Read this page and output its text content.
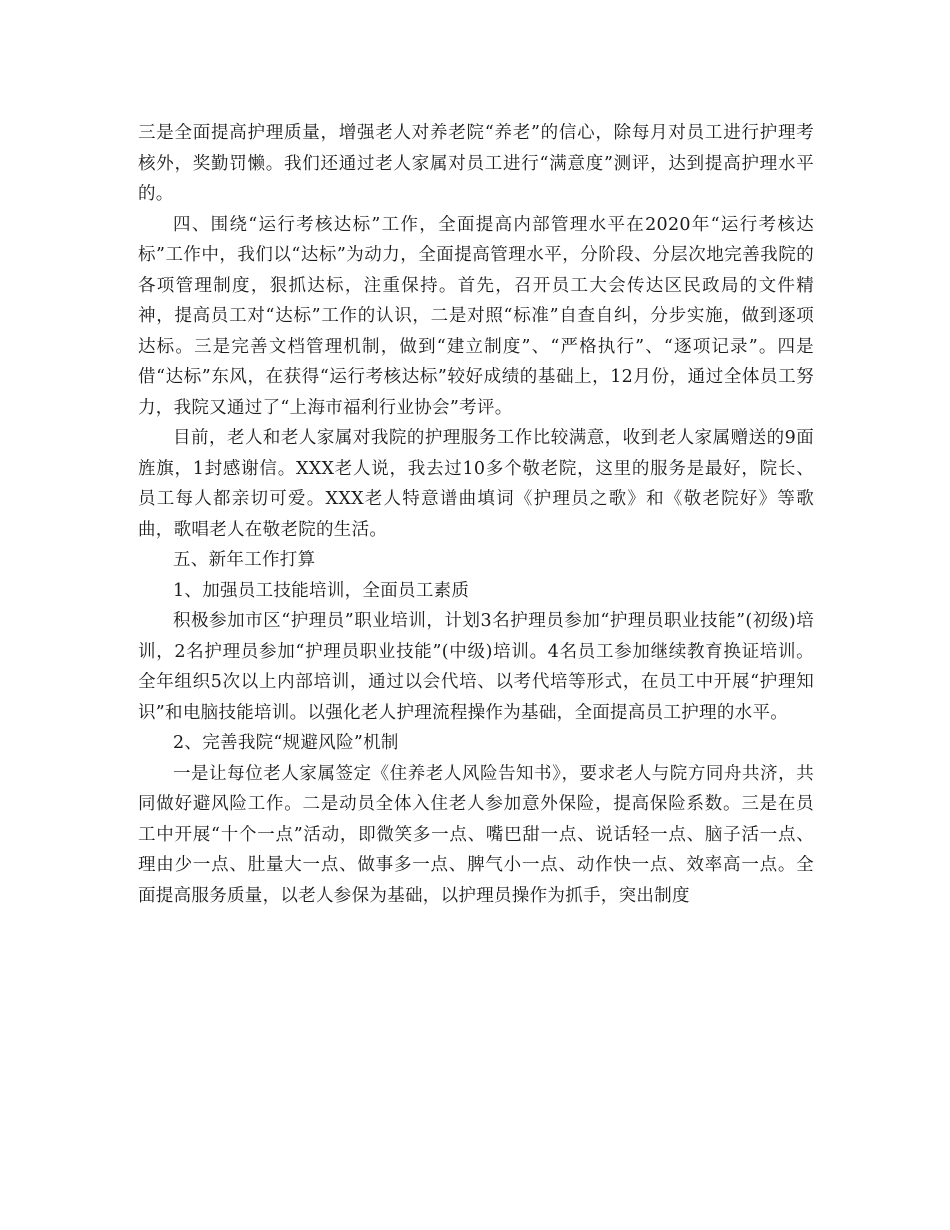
三是全面提高护理质量，增强老人对养老院“养老”的信心，除每月对员工进行护理考核外，奖勤罚懒。我们还通过老人家属对员工进行“满意度”测评，达到提高护理水平的。

四、围绕“运行考核达标”工作，全面提高内部管理水平在2020年“运行考核达标”工作中，我们以“达标”为动力，全面提高管理水平，分阶段、分层次地完善我院的各项管理制度，狠抓达标，注重保持。首先，召开员工大会传达区民政局的文件精神，提高员工对“达标”工作的认识，二是对照“标准”自查自纠，分步实施，做到逐项达标。三是完善文档管理机制，做到“建立制度”、“严格执行”、“逐项记录”。四是借“达标”东风，在获得“运行考核达标”较好成绩的基础上，12月份，通过全体员工努力，我院又通过了“上海市福利行业协会”考评。

目前，老人和老人家属对我院的护理服务工作比较满意，收到老人家属赠送的9面旌旗，1封感谢信。XXX老人说，我去过10多个敬老院，这里的服务是最好，院长、员工每人都亲切可爱。XXX老人特意谱曲填词《护理员之歌》和《敬老院好》等歌曲，歌唱老人在敬老院的生活。

五、新年工作打算

1、加强员工技能培训，全面员工素质

积极参加市区“护理员”职业培训，计划3名护理员参加“护理员职业技能”(初级)培训，2名护理员参加“护理员职业技能”(中级)培训。4名员工参加继续教育换证培训。全年组织5次以上内部培训，通过以会代培、以考代培等形式，在员工中开展“护理知识”和电脑技能培训。以强化老人护理流程操作为基础，全面提高员工护理的水平。

2、完善我院“规避风险”机制

一是让每位老人家属签定《住养老人风险告知书》，要求老人与院方同舟共济，共同做好避风险工作。二是动员全体入住老人参加意外保险，提高保险系数。三是在员工中开展“十个一点”活动，即微笑多一点、嘴巴甜一点、说话轻一点、脑子活一点、理由少一点、肚量大一点、做事多一点、脾气小一点、动作快一点、效率高一点。全面提高服务质量，以老人参保为基础，以护理员操作为抓手，突出制度
